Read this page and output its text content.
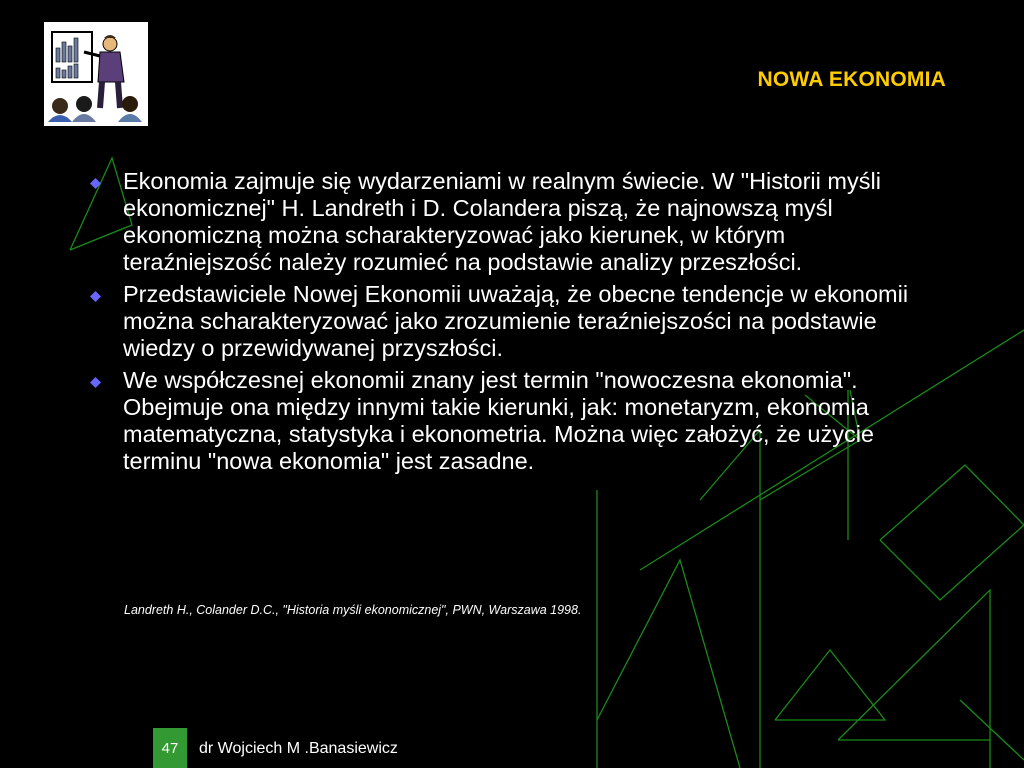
NOWA EKONOMIA
Ekonomia zajmuje się wydarzeniami w realnym świecie. W "Historii myśli ekonomicznej" H. Landreth i D. Colandera piszą, że najnowszą myśl ekonomiczną można scharakteryzować jako kierunek, w którym teraźniejszość należy rozumieć na podstawie analizy przeszłości.
Przedstawiciele Nowej Ekonomii uważają, że obecne tendencje w ekonomii można scharakteryzować jako zrozumienie teraźniejszości na podstawie wiedzy o przewidywanej przyszłości.
We współczesnej ekonomii znany jest termin "nowoczesna ekonomia". Obejmuje ona między innymi takie kierunki, jak: monetaryzm, ekonomia matematyczna, statystyka i ekonometria. Można więc założyć, że użycie terminu "nowa ekonomia" jest zasadne.
Landreth H., Colander D.C., "Historia myśli ekonomicznej", PWN, Warszawa 1998.
47	dr Wojciech M .Banasiewicz
